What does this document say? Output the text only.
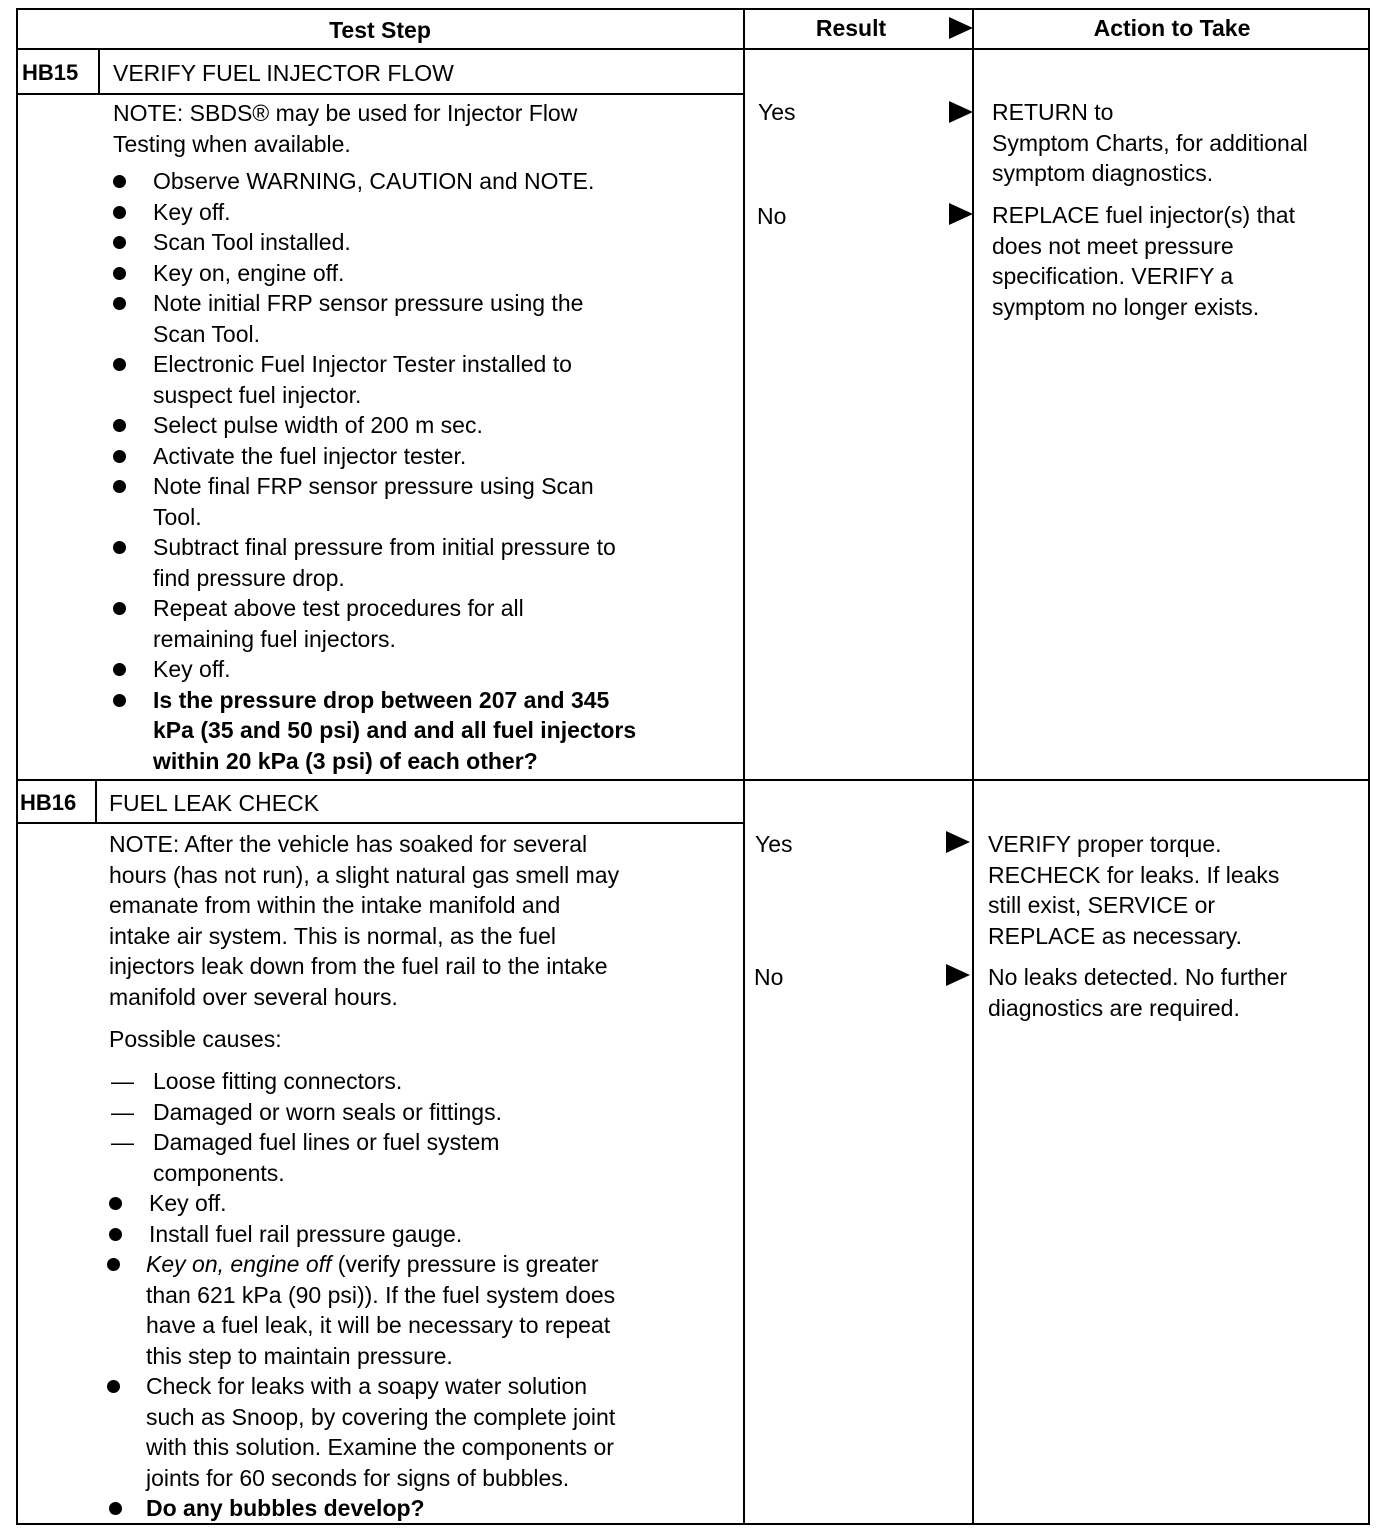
Test Step	Result	Action to Take
HB15 VERIFY FUEL INJECTOR FLOW
NOTE: SBDS® may be used for Injector Flow
Testing when available.
Observe WARNING, CAUTION and NOTE.
Key off.
Scan Tool installed.
Key on, engine off.
Note initial FRP sensor pressure using the
Scan Tool.
Electronic Fuel Injector Tester installed to
suspect fuel injector.
Select pulse width of 200 m sec.
Activate the fuel injector tester.
Note final FRP sensor pressure using Scan
Tool.
Subtract final pressure from initial pressure to
find pressure drop.
Repeat above test procedures for all
remaining fuel injectors.
Key off.
Is the pressure drop between 207 and 345
kPa (35 and 50 psi) and and all fuel injectors
within 20 kPa (3 psi) of each other?
Yes
No
RETURN to
Symptom Charts, for additional
symptom diagnostics.
REPLACE fuel injector(s) that
does not meet pressure
specification. VERIFY a
symptom no longer exists.
HB16 FUEL LEAK CHECK
NOTE: After the vehicle has soaked for several
hours (has not run), a slight natural gas smell may
emanate from within the intake manifold and
intake air system. This is normal, as the fuel
injectors leak down from the fuel rail to the intake
manifold over several hours.
Possible causes:
— Loose fitting connectors.
— Damaged or worn seals or fittings.
— Damaged fuel lines or fuel system
components.
Key off.
Install fuel rail pressure gauge.
Key on, engine off (verify pressure is greater
than 621 kPa (90 psi)). If the fuel system does
have a fuel leak, it will be necessary to repeat
this step to maintain pressure.
Check for leaks with a soapy water solution
such as Snoop, by covering the complete joint
with this solution. Examine the components or
joints for 60 seconds for signs of bubbles.
Do any bubbles develop?
Yes
No
VERIFY proper torque.
RECHECK for leaks. If leaks
still exist, SERVICE or
REPLACE as necessary.
No leaks detected. No further
diagnostics are required.
